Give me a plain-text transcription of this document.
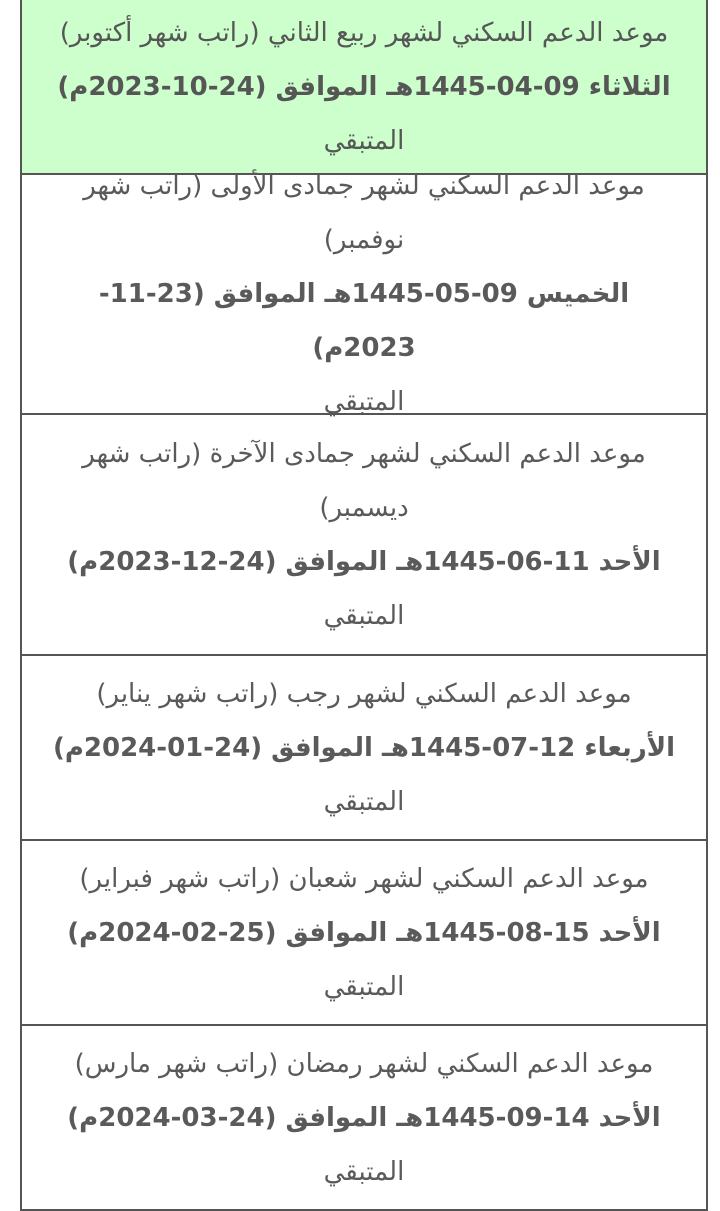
موعد الدعم السكني لشهر ربيع الثاني (راتب شهر أكتوبر)
الثلاثاء 09-04-1445هـ الموافق (24-10-2023م)
المتبقي
موعد الدعم السكني لشهر جمادى الأولى (راتب شهر نوفمبر)
الخميس 09-05-1445هـ الموافق (23-11-2023م)
المتبقي
موعد الدعم السكني لشهر جمادى الآخرة (راتب شهر ديسمبر)
الأحد 11-06-1445هـ الموافق (24-12-2023م)
المتبقي
موعد الدعم السكني لشهر رجب (راتب شهر يناير)
الأربعاء 12-07-1445هـ الموافق (24-01-2024م)
المتبقي
موعد الدعم السكني لشهر شعبان (راتب شهر فبراير)
الأحد 15-08-1445هـ الموافق (25-02-2024م)
المتبقي
موعد الدعم السكني لشهر رمضان (راتب شهر مارس)
الأحد 14-09-1445هـ الموافق (24-03-2024م)
المتبقي
